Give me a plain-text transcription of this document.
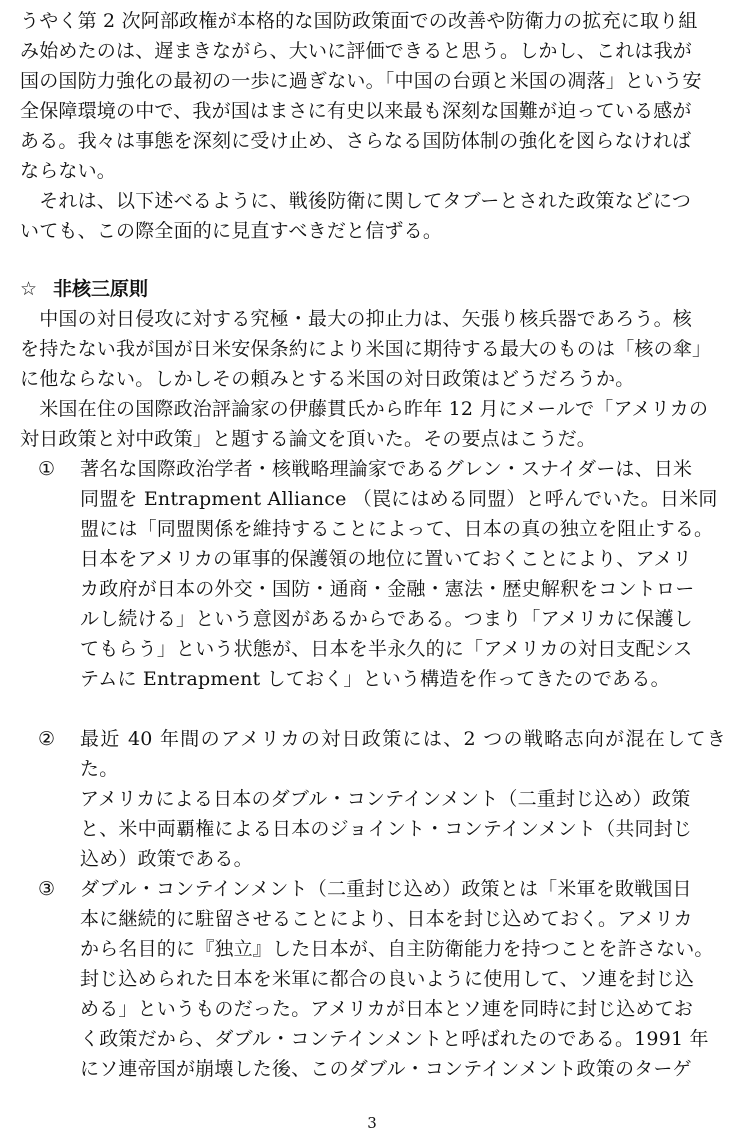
うやく第 2 次阿部政権が本格的な国防政策面での改善や防衛力の拡充に取り組
み始めたのは、遅まきながら、大いに評価できると思う。しかし、これは我が
国の国防力強化の最初の一歩に過ぎない。「中国の台頭と米国の凋落」という安
全保障環境の中で、我が国はまさに有史以来最も深刻な国難が迫っている感が
ある。我々は事態を深刻に受け止め、さらなる国防体制の強化を図らなければ
ならない。

　それは、以下述べるように、戦後防衛に関してタブーとされた政策などにつ
いても、この際全面的に見直すべきだと信ずる。

☆ 非核三原則

　中国の対日侵攻に対する究極・最大の抑止力は、矢張り核兵器であろう。核
を持たない我が国が日米安保条約により米国に期待する最大のものは「核の傘」
に他ならない。しかしその頼みとする米国の対日政策はどうだろうか。

　米国在住の国際政治評論家の伊藤貫氏から昨年 12 月にメールで「アメリカの
対日政策と対中政策」と題する論文を頂いた。その要点はこうだ。

① 著名な国際政治学者・核戦略理論家であるグレン・スナイダーは、日米
同盟を Entrapment Alliance （罠にはめる同盟）と呼んでいた。日米同
盟には「同盟関係を維持することによって、日本の真の独立を阻止する。
日本をアメリカの軍事的保護領の地位に置いておくことにより、アメリ
カ政府が日本の外交・国防・通商・金融・憲法・歴史解釈をコントロー
ルし続ける」という意図があるからである。つまり「アメリカに保護し
てもらう」という状態が、日本を半永久的に「アメリカの対日支配シス
テムに Entrapment しておく」という構造を作ってきたのである。
② 最近 40 年間のアメリカの対日政策には、2 つの戦略志向が混在してきた。
アメリカによる日本のダブル・コンテインメント（二重封じ込め）政策
と、米中両覇権による日本のジョイント・コンテインメント（共同封じ
込め）政策である。
③ ダブル・コンテインメント（二重封じ込め）政策とは「米軍を敗戦国日
本に継続的に駐留させることにより、日本を封じ込めておく。アメリカ
から名目的に『独立』した日本が、自主防衛能力を持つことを許さない。
封じ込められた日本を米軍に都合の良いように使用して、ソ連を封じ込
める」というものだった。アメリカが日本とソ連を同時に封じ込めてお
く政策だから、ダブル・コンテインメントと呼ばれたのである。1991 年
にソ連帝国が崩壊した後、このダブル・コンテインメント政策のターゲ
3
